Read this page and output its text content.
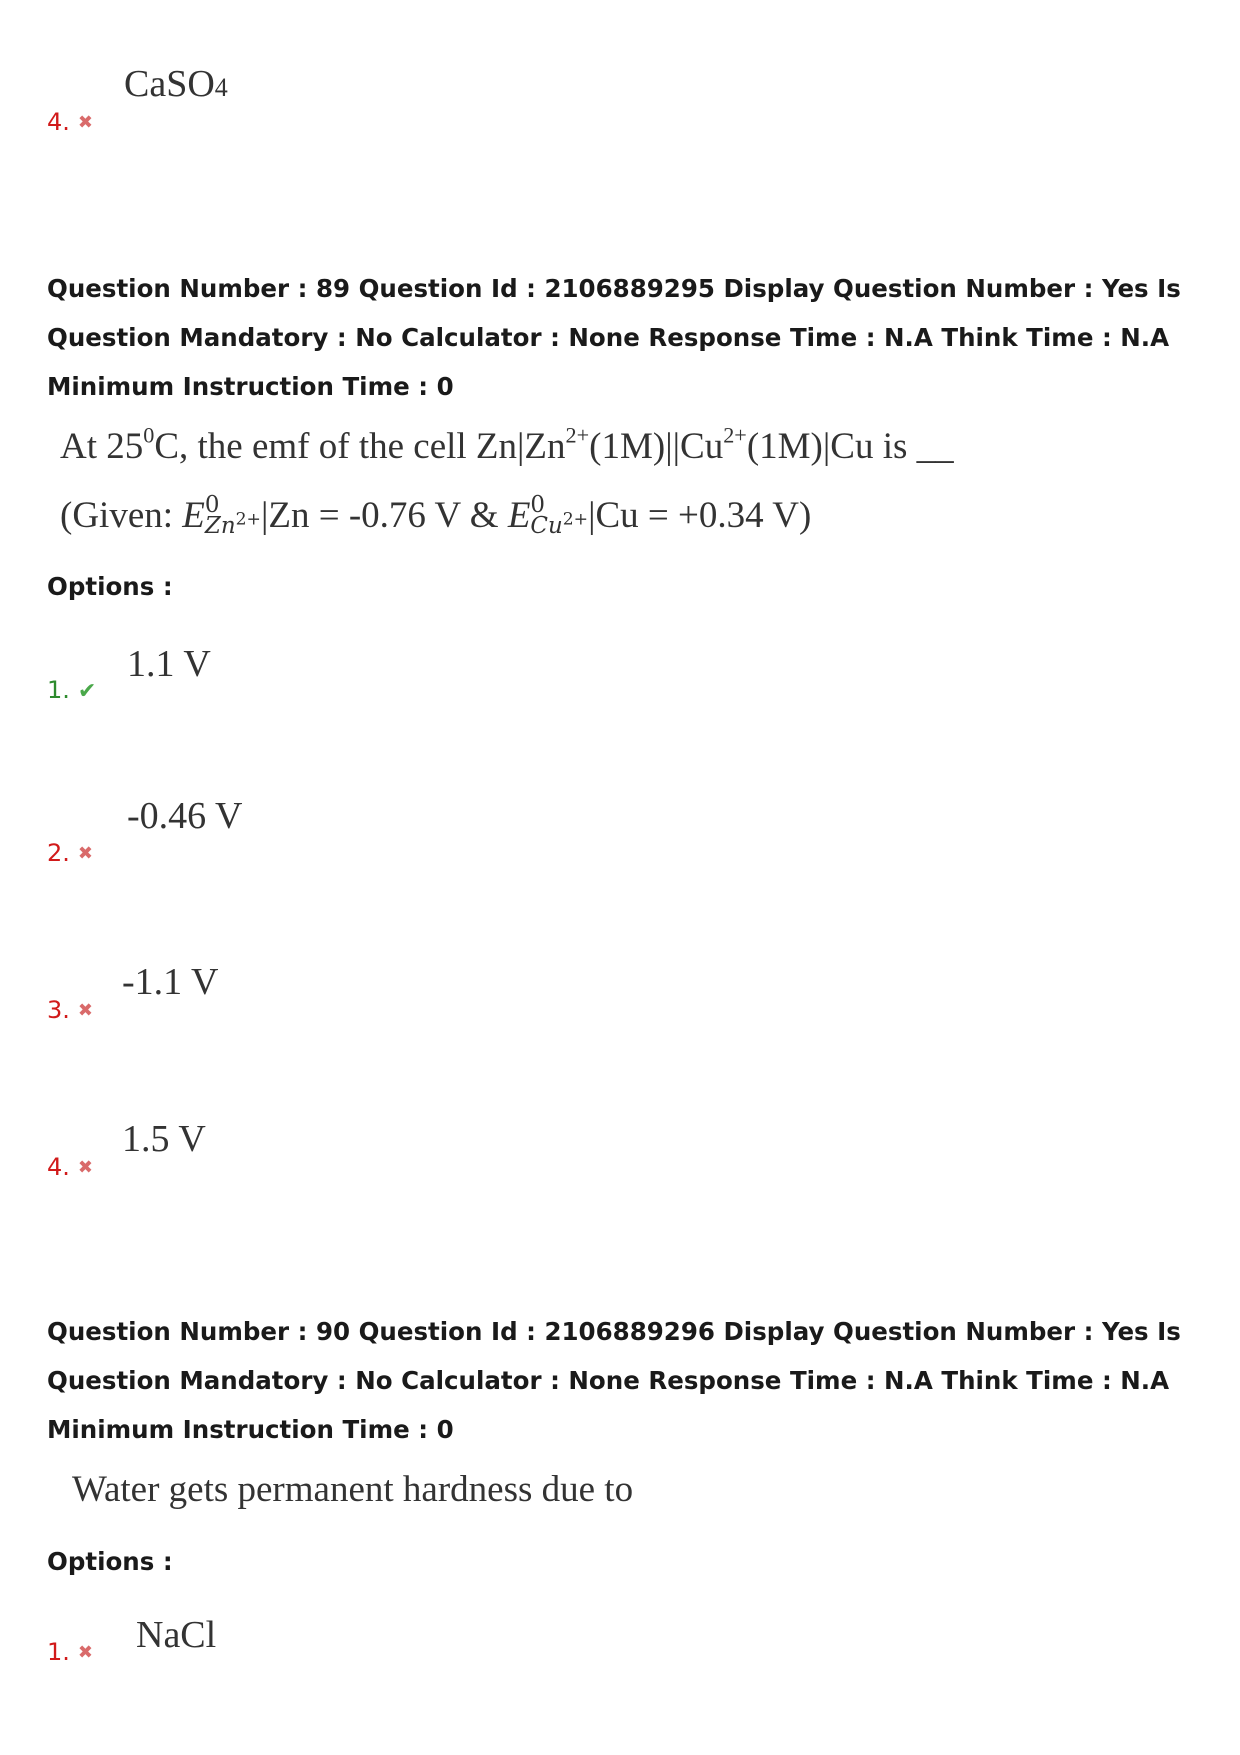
CaSO4
4. ✖
Question Number : 89 Question Id : 2106889295 Display Question Number : Yes Is Question Mandatory : No Calculator : None Response Time : N.A Think Time : N.A Minimum Instruction Time : 0
At $25^0C$, the emf of the cell $Zn|Zn^{2+}(1M)||Cu^{2+}(1M)|Cu$ is __
(Given: E 0
$Zn^{2+}$ |Zn = -0.76 V & E 0
$Cu^{2+}$ |Cu = +0.34 V)
Options :
1.1 V
1. ✔
-0.46 V
2. ✖
-1.1 V
3. ✖
1.5 V
4. ✖
Question Number : 90 Question Id : 2106889296 Display Question Number : Yes Is Question Mandatory : No Calculator : None Response Time : N.A Think Time : N.A Minimum Instruction Time : 0
Water gets permanent hardness due to
Options :
NaCl
1. ✖
